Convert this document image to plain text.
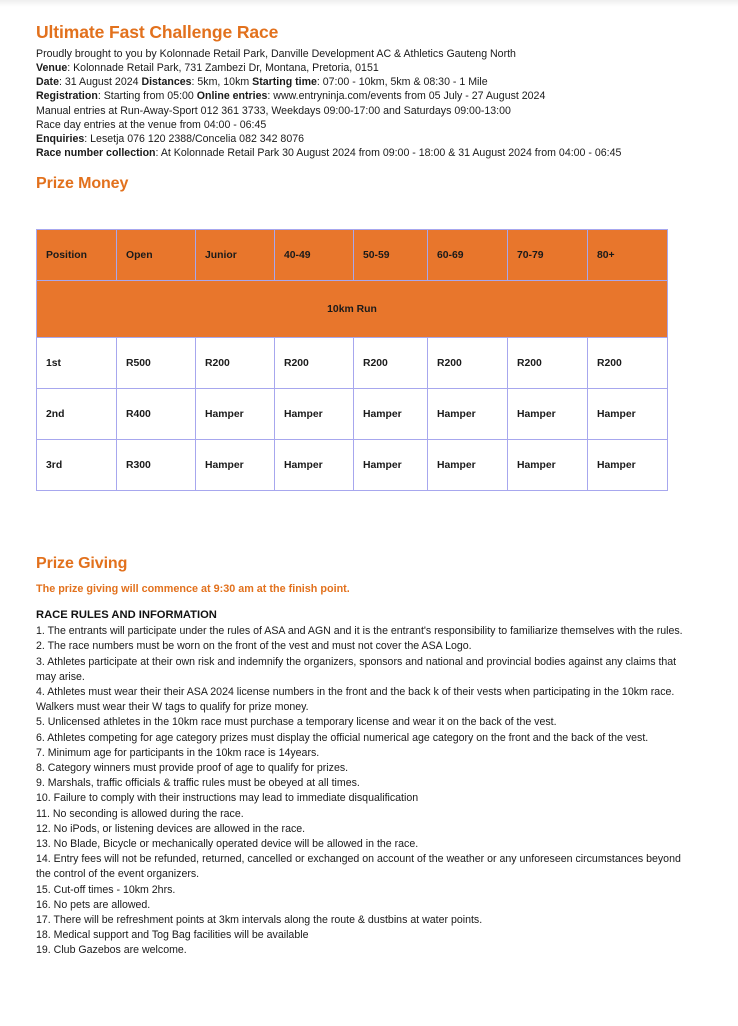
Ultimate Fast Challenge Race
Proudly brought to you by Kolonnade Retail Park, Danville Development AC & Athletics Gauteng North
Venue: Kolonnade Retail Park, 731 Zambezi Dr, Montana, Pretoria, 0151
Date: 31 August 2024 Distances: 5km, 10km Starting time: 07:00 - 10km, 5km & 08:30 - 1 Mile
Registration: Starting from 05:00 Online entries: www.entryninja.com/events from 05 July - 27 August 2024
Manual entries at Run-Away-Sport 012 361 3733, Weekdays 09:00-17:00 and Saturdays 09:00-13:00
Race day entries at the venue from 04:00 - 06:45
Enquiries: Lesetja 076 120 2388/Concelia 082 342 8076
Race number collection: At Kolonnade Retail Park 30 August 2024 from 09:00 - 18:00 & 31 August 2024 from 04:00 - 06:45
Prize Money
Position	Open	Junior	40-49	50-59	60-69	70-79	80+
10km Run							
1st	R500	R200	R200	R200	R200	R200	R200
2nd	R400	Hamper	Hamper	Hamper	Hamper	Hamper	Hamper
3rd	R300	Hamper	Hamper	Hamper	Hamper	Hamper	Hamper
Prize Giving
The prize giving will commence at 9:30 am at the finish point.
RACE RULES AND INFORMATION
1. The entrants will participate under the rules of ASA and AGN and it is the entrant's responsibility to familiarize themselves with the rules.
2. The race numbers must be worn on the front of the vest and must not cover the ASA Logo.
3. Athletes participate at their own risk and indemnify the organizers, sponsors and national and provincial bodies against any claims that may arise.
4. Athletes must wear their their ASA 2024 license numbers in the front and the back k of their vests when participating in the 10km race. Walkers must wear their W tags to qualify for prize money.
5. Unlicensed athletes in the 10km race must purchase a temporary license and wear it on the back of the vest.
6. Athletes competing for age category prizes must display the official numerical age category on the front and the back of the vest.
7. Minimum age for participants in the 10km race is 14years.
8. Category winners must provide proof of age to qualify for prizes.
9. Marshals, traffic officials & traffic rules must be obeyed at all times.
10. Failure to comply with their instructions may lead to immediate disqualification
11. No seconding is allowed during the race.
12. No iPods, or listening devices are allowed in the race.
13. No Blade, Bicycle or mechanically operated device will be allowed in the race.
14. Entry fees will not be refunded, returned, cancelled or exchanged on account of the weather or any unforeseen circumstances beyond the control of the event organizers.
15. Cut-off times - 10km 2hrs.
16. No pets are allowed.
17. There will be refreshment points at 3km intervals along the route & dustbins at water points.
18. Medical support and Tog Bag facilities will be available
19. Club Gazebos are welcome.
